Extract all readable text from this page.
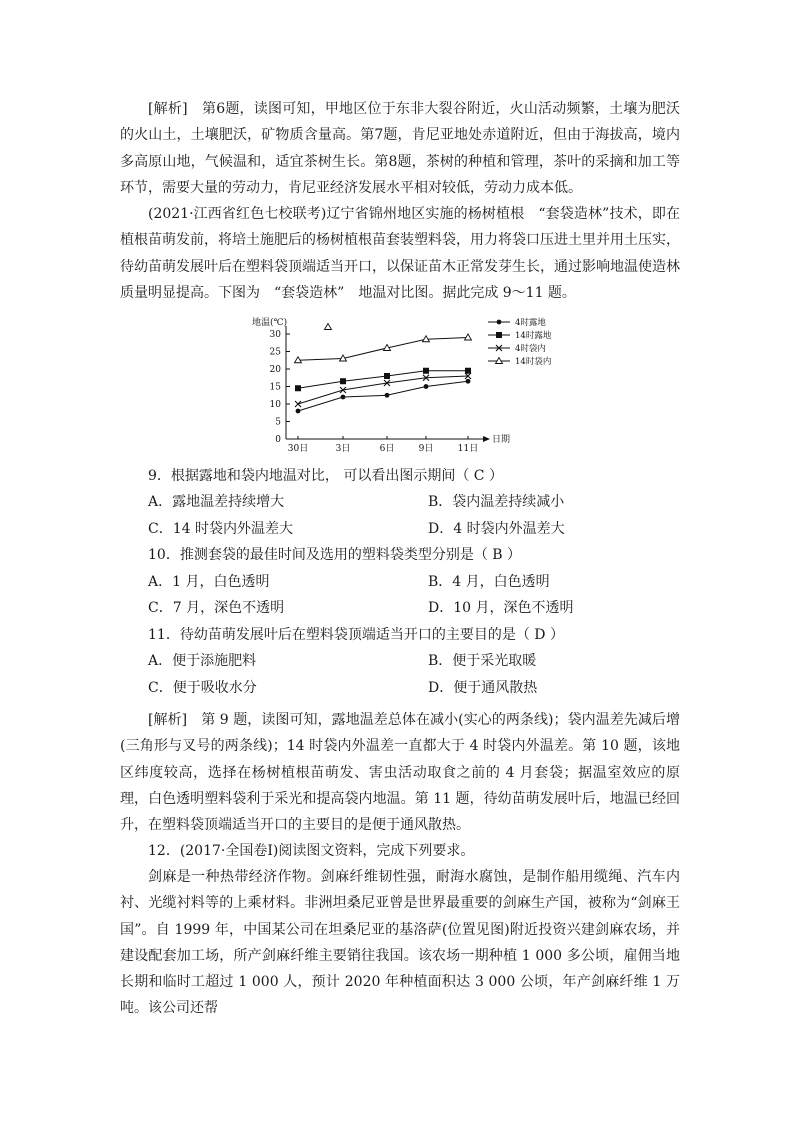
[解析]　第6题，读图可知，甲地区位于东非大裂谷附近，火山活动频繁，土壤为肥沃的火山土，土壤肥沃，矿物质含量高。第7题，肯尼亚地处赤道附近，但由于海拔高，境内多高原山地，气候温和，适宜茶树生长。第8题，茶树的种植和管理，茶叶的采摘和加工等环节，需要大量的劳动力，肯尼亚经济发展水平相对较低，劳动力成本低。

(2021·江西省红色七校联考)辽宁省锦州地区实施的杨树植根　“套袋造林”技术，即在植根苗萌发前，将培土施肥后的杨树植根苗套装塑料袋，用力将袋口压进土里并用土压实，待幼苗萌发展叶后在塑料袋顶端适当开口，以保证苗木正常发芽生长，通过影响地温使造林质量明显提高。下图为　“套袋造林”　地温对比图。据此完成 9～11 题。

地温(℃)
0
5
10
15
20
25
30
30日	3日	6日	9日	11日
日期
4时露地
14时露地
4时袋内
14时袋内

9．根据露地和袋内地温对比， 可以看出图示期间（ C ）

A．露地温差持续增大	B．袋内温差持续减小

C．14 时袋内外温差大	D．4 时袋内外温差大

10．推测套袋的最佳时间及选用的塑料袋类型分别是（ B ）

A．1 月，白色透明	B．4 月，白色透明

C．7 月，深色不透明	D．10 月，深色不透明

11．待幼苗萌发展叶后在塑料袋顶端适当开口的主要目的是（ D ）

A．便于添施肥料	B．便于采光取暖

C．便于吸收水分	D．便于通风散热

[解析]　第 9 题，读图可知，露地温差总体在减小(实心的两条线)；袋内温差先减后增(三角形与叉号的两条线)；14 时袋内外温差一直都大于 4 时袋内外温差。第 10 题，该地区纬度较高，选择在杨树植根苗萌发、害虫活动取食之前的 4 月套袋；据温室效应的原理，白色透明塑料袋利于采光和提高袋内地温。第 11 题，待幼苗萌发展叶后，地温已经回升，在塑料袋顶端适当开口的主要目的是便于通风散热。

12．(2017·全国卷Ⅰ)阅读图文资料，完成下列要求。

剑麻是一种热带经济作物。剑麻纤维韧性强，耐海水腐蚀，是制作船用缆绳、汽车内衬、光缆衬料等的上乘材料。非洲坦桑尼亚曾是世界最重要的剑麻生产国，被称为“剑麻王国”。自 1999 年，中国某公司在坦桑尼亚的基洛萨(位置见图)附近投资兴建剑麻农场，并建设配套加工场，所产剑麻纤维主要销往我国。该农场一期种植 1 000 多公顷，雇佣当地长期和临时工超过 1 000 人，预计 2020 年种植面积达 3 000 公顷，年产剑麻纤维 1 万吨。该公司还帮
